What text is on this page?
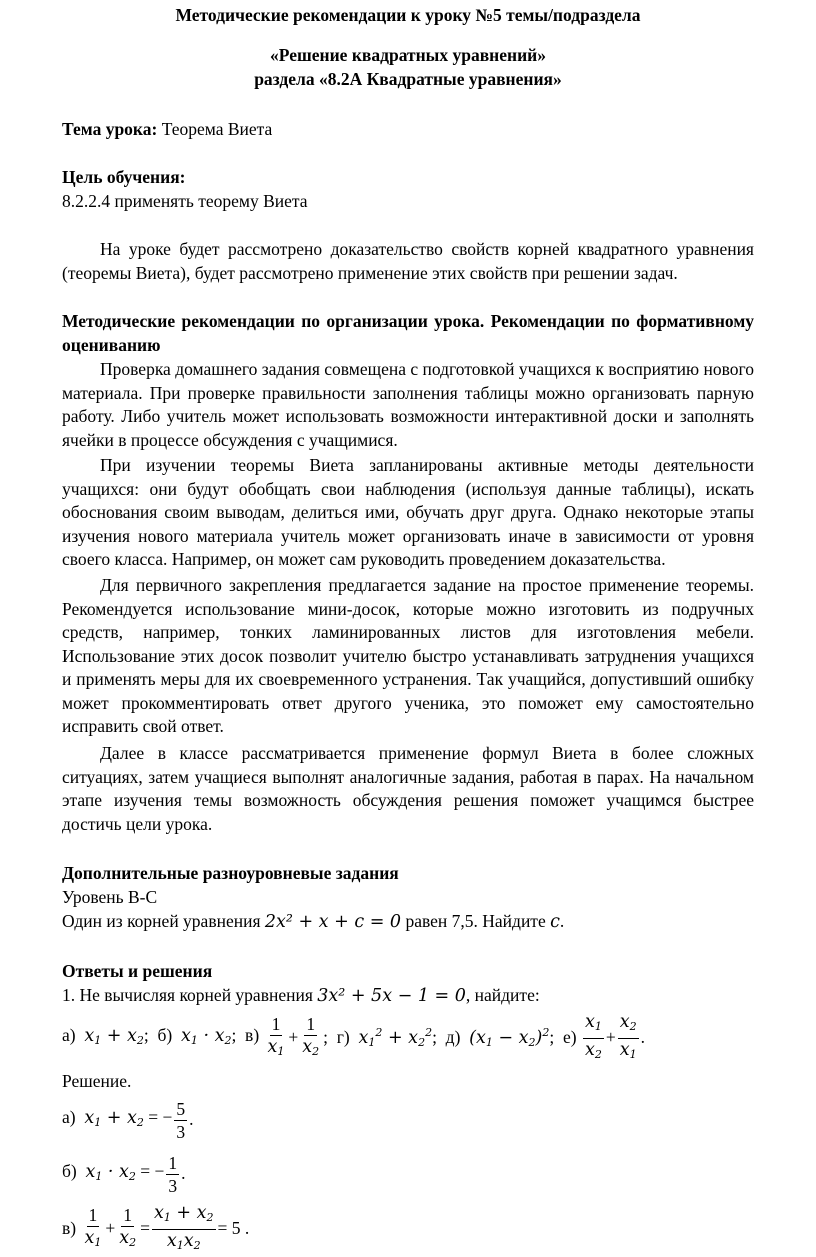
Методические рекомендации к уроку №5 темы/подраздела
«Решение квадратных уравнений»
раздела «8.2А Квадратные уравнения»
Тема урока: Теорема Виета
Цель обучения:
8.2.2.4 применять теорему Виета
На уроке будет рассмотрено доказательство свойств корней квадратного уравнения (теоремы Виета), будет рассмотрено применение этих свойств при решении задач.
Методические рекомендации по организации урока. Рекомендации по формативному оцениванию
Проверка домашнего задания совмещена с подготовкой учащихся к восприятию нового материала. При проверке правильности заполнения таблицы можно организовать парную работу. Либо учитель может использовать возможности интерактивной доски и заполнять ячейки в процессе обсуждения с учащимися.
При изучении теоремы Виета запланированы активные методы деятельности учащихся: они будут обобщать свои наблюдения (используя данные таблицы), искать обоснования своим выводам, делиться ими, обучать друг друга. Однако некоторые этапы изучения нового материала учитель может организовать иначе в зависимости от уровня своего класса. Например, он может сам руководить проведением доказательства.
Для первичного закрепления предлагается задание на простое применение теоремы. Рекомендуется использование мини-досок, которые можно изготовить из подручных средств, например, тонких ламинированных листов для изготовления мебели. Использование этих досок позволит учителю быстро устанавливать затруднения учащихся и применять меры для их своевременного устранения. Так учащийся, допустивший ошибку может прокомментировать ответ другого ученика, это поможет ему самостоятельно исправить свой ответ.
Далее в классе рассматривается применение формул Виета в более сложных ситуациях, затем учащиеся выполнят аналогичные задания, работая в парах. На начальном этапе изучения темы возможность обсуждения решения поможет учащимся быстрее достичь цели урока.
Дополнительные разноуровневые задания
Уровень В-С
Один из корней уравнения 2𝑥² + 𝑥 + 𝑐 = 0 равен 7,5. Найдите 𝑐.
Ответы и решения
1. Не вычисляя корней уравнения 3𝑥² + 5𝑥 − 1 = 0, найдите:
а)  $x_1 + x_2$;  б)  $x_1 \cdot x_2$;  $в) \frac{1}{x_1} + \frac{1}{x_2}$ ;  г)  $x_1^2 + x_2^2$;  д)  $(x_1 - x_2)^2$;  $е) \frac{x_1}{x_2} + \frac{x_2}{x_1}$ .
Решение.
а)  $x_1 + x_2$ = − $\frac{5}{3}$ .
б)  $x_1 \cdot x_2$ = − $\frac{1}{3}$ .
$в) \frac{1}{x_1} + \frac{1}{x_2} = \frac{x_1 + x_2}{x_1x_2} = 5$ .
